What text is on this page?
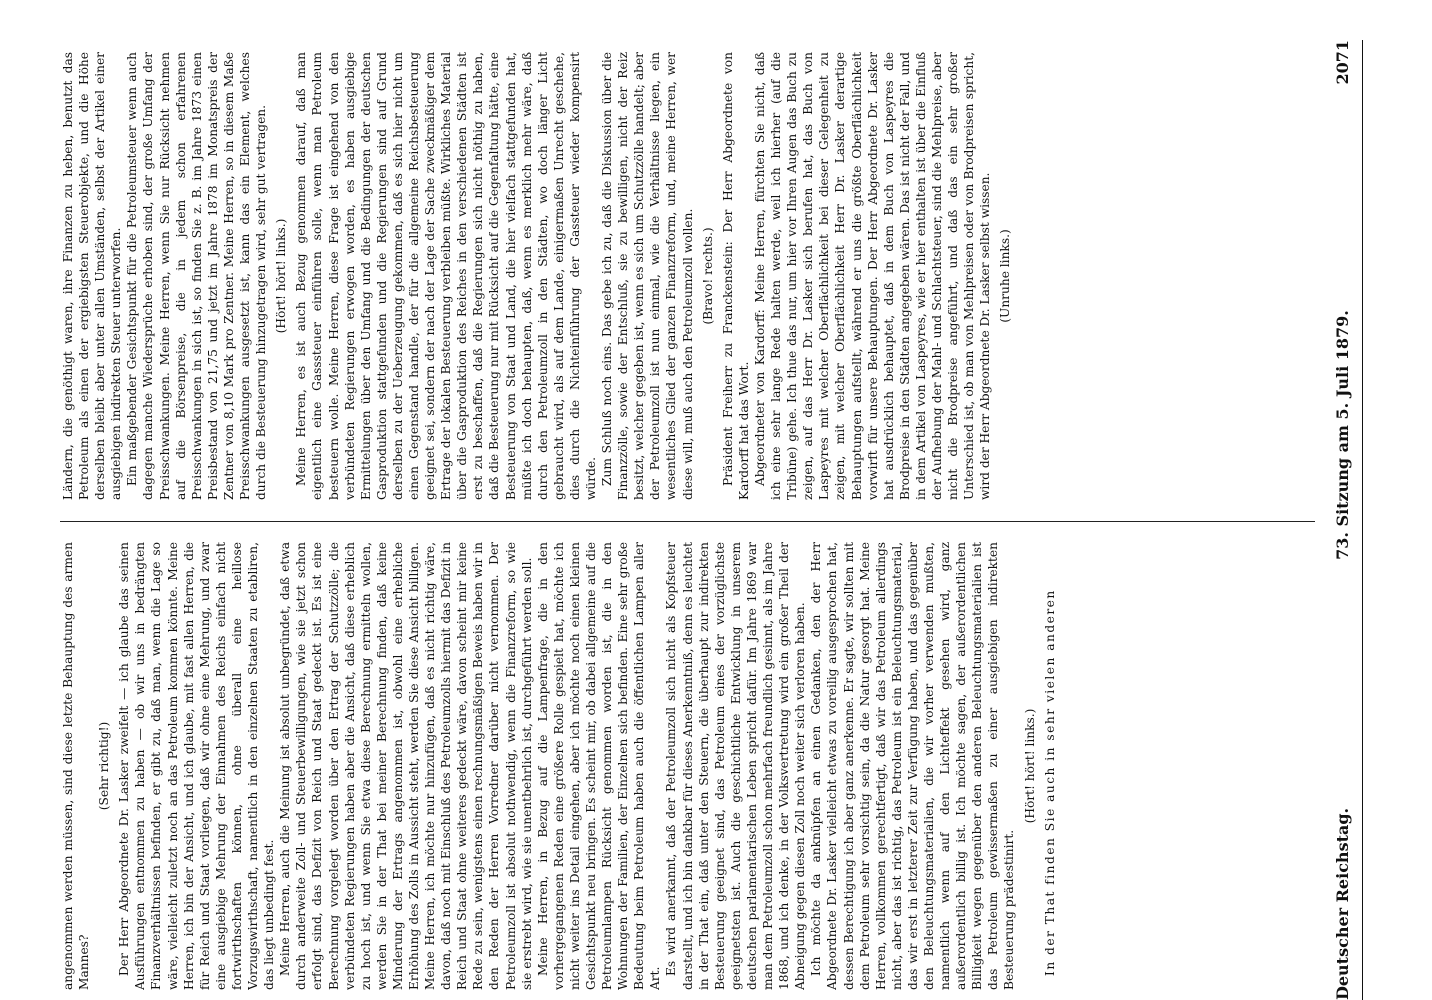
Deutscher Reichstag.
73. Sitzung am 5. Juli 1879.
2071

angenommen werden müssen, sind diese letzte Behauptung des armen Mannes?

(Sehr richtig!) Der Herr Abgeordnete Dr. Lasker zweifelt — ich glaube das seinen Ausführungen entnommen zu haben — ob wir uns in bedrängten Finanzverhältnissen befinden, er gibt zu, daß man, wenn die Lage so wäre, vielleicht zuletzt noch an das Petroleum kommen könnte. Meine Herren, ich bin der Ansicht, und ich glaube, mit fast allen Herren, die für Reich und Staat vorliegen, daß wir ohne eine Mehrung, und zwar eine ausgiebige Mehrung der Einnahmen des Reichs einfach nicht fortwirthschaften können, ohne überall eine heillose Vorzugswirthschaft, namentlich in den einzelnen Staaten zu etabliren, das liegt unbedingt fest. Meine Herren, auch die Meinung ist absolut unbegründet, daß etwa durch anderweite Zoll- und Steuerbewilligungen, wie sie jetzt schon erfolgt sind, das Defizit von Reich und Staat gedeckt ist. Es ist eine Berechnung vorgelegt worden über den Ertrag der Schutzzölle; die verbündeten Regierungen haben aber die Ansicht, daß diese erheblich zu hoch ist, und wenn Sie etwa diese Berechnung ermitteln wollen, werden Sie in der That bei meiner Berechnung finden, daß keine Minderung der Ertrags angenommen ist, obwohl eine erhebliche Erhöhung des Zolls in Aussicht steht, werden Sie diese Ansicht billigen. Meine Herren, ich möchte nur hinzufügen, daß es nicht richtig wäre, davon, daß noch mit Einschluß des Petroleumzolls hiermit das Defizit in Reich und Staat ohne weiteres gedeckt wäre, davon scheint mir keine Rede zu sein, wenigstens einen rechnungsmäßigen Beweis haben wir in den Reden der Herren Vorredner darüber nicht vernommen. Der Petroleumzoll ist absolut nothwendig, wenn die Finanzreform, so wie sie erstrebt wird, wie sie unentbehrlich ist, durchgeführt werden soll. Meine Herren, in Bezug auf die Lampenfrage, die in den vorhergegangenen Reden eine größere Rolle gespielt hat, möchte ich nicht weiter ins Detail eingehen, aber ich möchte noch einen kleinen Gesichtspunkt neu bringen. Es scheint mir, ob dabei allgemeine auf die Petroleumlampen Rücksicht genommen worden ist, die in den Wohnungen der Familien, der Einzelnen sich befinden. Eine sehr große Bedeutung beim Petroleum haben auch die öffentlichen Lampen aller Art.

Es wird anerkannt, daß der Petroleumzoll sich nicht als Kopfsteuer darstellt, und ich bin dankbar für dieses Anerkenntniß, denn es leuchtet in der That ein, daß unter den Steuern, die überhaupt zur indirekten Besteuerung geeignet sind, das Petroleum eines der vorzüglichste geeignetsten ist. Auch die geschichtliche Entwicklung in unserem deutschen parlamentarischen Leben spricht dafür. Im Jahre 1869 war man dem Petroleumzoll schon mehrfach freundlich gesinnt, als im Jahre 1868, und ich denke, in der Volksvertretung wird ein großer Theil der Abneigung gegen diesen Zoll noch weiter sich verloren haben. Ich möchte da anknüpfen an einen Gedanken, den der Herr Abgeordnete Dr. Lasker vielleicht etwas zu voreilig ausgesprochen hat, dessen Berechtigung ich aber ganz anerkenne. Er sagte, wir sollten mit dem Petroleum sehr vorsichtig sein, da die Natur gesorgt hat. Meine Herren, vollkommen gerechtfertigt, daß wir das Petroleum allerdings nicht, aber das ist richtig, das Petroleum ist ein Beleuchtungsmaterial, das wir erst in letzterer Zeit zur Verfügung haben, und das gegenüber den Beleuchtungsmaterialien, die wir vorher verwenden mußten, namentlich wenn auf den Lichteffekt gesehen wird, ganz außerordentlich billig ist. Ich möchte sagen, der außerordentlichen Billigkeit wegen gegenüber den anderen Beleuchtungsmaterialien ist das Petroleum gewissermaßen zu einer ausgiebigen indirekten Besteuerung prädestinirt.

(Hört! hört! links.) In der That finden Sie auch in sehr vielen anderen

Ländern, die genöthigt waren, ihre Finanzen zu heben, benutzt das Petroleum als einen der ergiebigsten Steuerobjekte, und die Höhe derselben bleibt aber unter allen Umständen, selbst der Artikel einer ausgiebigen indirekten Steuer unterworfen. Ein maßgebender Gesichtspunkt für die Petroleumsteuer wenn auch dagegen manche Wiedersprüche erhoben sind, der große Umfang der Preisschwankungen. Meine Herren, wenn Sie nur Rücksicht nehmen auf die Börsenpreise, die in jedem schon erfahrenen Preisschwankungen in sich ist, so finden Sie z. B. im Jahre 1873 einen Preisbestand von 21,75 und jetzt im Jahre 1878 im Monatspreis der Zentner von 8,10 Mark pro Zentner. Meine Herren, so in diesem Maße Preisschwankungen ausgesetzt ist, kann das ein Element, welches durch die Besteuerung hinzugetragen wird, sehr gut vertragen. (Hört! hört! links.) Meine Herren, es ist auch Bezug genommen darauf, daß man eigentlich eine Gasssteuer einführen solle, wenn man Petroleum besteuern wolle. Meine Herren, diese Frage ist eingehend von den verbündeten Regierungen erwogen worden, es haben ausgiebige Ermittelungen über den Umfang und die Bedingungen der deutschen Gasproduktion stattgefunden und die Regierungen sind auf Grund derselben zu der Ueberzeugung gekommen, daß es sich hier nicht um einen Gegenstand handle, der für die allgemeine Reichsbesteuerung geeignet sei, sondern der nach der Lage der Sache zweckmäßiger dem Ertrage der lokalen Besteuerung verbleiben müßte. Wirkliches Material über die Gasproduktion des Reiches in den verschiedenen Städten ist erst zu beschaffen, daß die Regierungen sich nicht nöthig zu haben, daß die Besteuerung nur mit Rücksicht auf die Gegenfaltung hätte, eine Besteuerung von Staat und Land, die hier vielfach stattgefunden hat, müßte ich doch behaupten, daß, wenn es merklich mehr wäre, daß durch den Petroleumzoll in den Städten, wo doch länger Licht gebraucht wird, als auf dem Lande, einigermaßen Unrecht geschehe, dies durch die Nichteinführung der Gassteuer wieder kompensirt würde. Zum Schluß noch eins. Das gebe ich zu, daß die Diskussion über die Finanzzölle, sowie der Entschluß, sie zu bewilligen, nicht der Reiz besitzt, welcher gegeben ist, wenn es sich um Schutzzölle handelt; aber der Petroleumzoll ist nun einmal, wie die Verhältnisse liegen, ein wesentliches Glied der ganzen Finanzreform, und, meine Herren, wer diese will, muß auch den Petroleumzoll wollen. (Bravo! rechts.) Präsident Freiherr zu Franckenstein: Der Herr Abgeordnete von Kardorff hat das Wort. Abgeordneter von Kardorff: Meine Herren, fürchten Sie nicht, daß ich eine sehr lange Rede halten werde, weil ich hierher (auf die Tribüne) gehe. Ich thue das nur, um hier vor Ihren Augen das Buch zu zeigen, auf das Herr Dr. Lasker sich berufen hat, das Buch von Laspeyres mit welcher Oberflächlichkeit bei dieser Gelegenheit zu zeigen, mit welcher Oberflächlichkeit Herr Dr. Lasker derartige Behauptungen aufstellt, während er uns die größte Oberflächlichkeit vorwirft für unsere Behauptungen. Der Herr Abgeordnete Dr. Lasker hat ausdrücklich behauptet, daß in dem Buch von Laspeyres die Brodpreise in den Städten angegeben wären. Das ist nicht der Fall, und in dem Artikel von Laspeyres, wie er hier enthalten ist über die Einfluß der Aufhebung der Mahl- und Schlachtsteuer, sind die Mehlpreise, aber nicht die Brodpreise angeführt, und daß das ein sehr großer Unterschied ist, ob man von Mehlpreisen oder von Brodpreisen spricht, wird der Herr Abgeordnete Dr. Lasker selbst wissen. (Unruhe links.)
